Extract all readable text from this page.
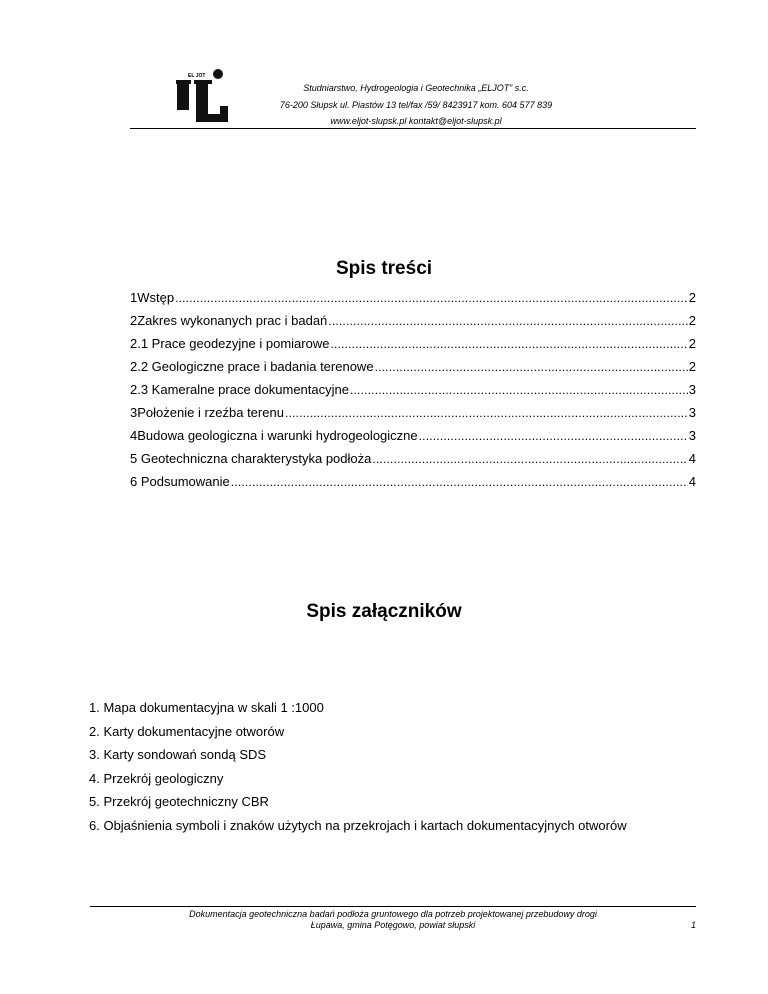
EL JOT
Studniarstwo, Hydrogeologia i Geotechnika „ELJOT” s.c.
76-200 Słupsk ul. Piastów 13 tel/fax /59/ 8423917 kom. 604 577 839
www.eljot-slupsk.pl kontakt@eljot-slupsk.pl
Spis treści
1Wstęp .....	2
2Zakres wykonanych prac i badań .....	2
2.1 Prace geodezyjne i pomiarowe .....	2
2.2 Geologiczne prace i badania terenowe .....	2
2.3 Kameralne prace dokumentacyjne .....	3
3Położenie i rzeźba terenu .....	3
4Budowa geologiczna i warunki hydrogeologiczne .....	3
5 Geotechniczna charakterystyka podłoża .....	4
6 Podsumowanie .....	4
Spis załączników
1. Mapa dokumentacyjna w skali 1 :1000
2. Karty dokumentacyjne otworów
3. Karty sondowań sondą SDS
4. Przekrój geologiczny
5. Przekrój geotechniczny CBR
6. Objaśnienia symboli i znaków użytych na przekrojach i kartach dokumentacyjnych otworów
Dokumentacja geotechniczna badań podłoża gruntowego dla potrzeb projektowanej przebudowy drogi
Łupawa, gmina Potęgowo, powiat słupski	1
